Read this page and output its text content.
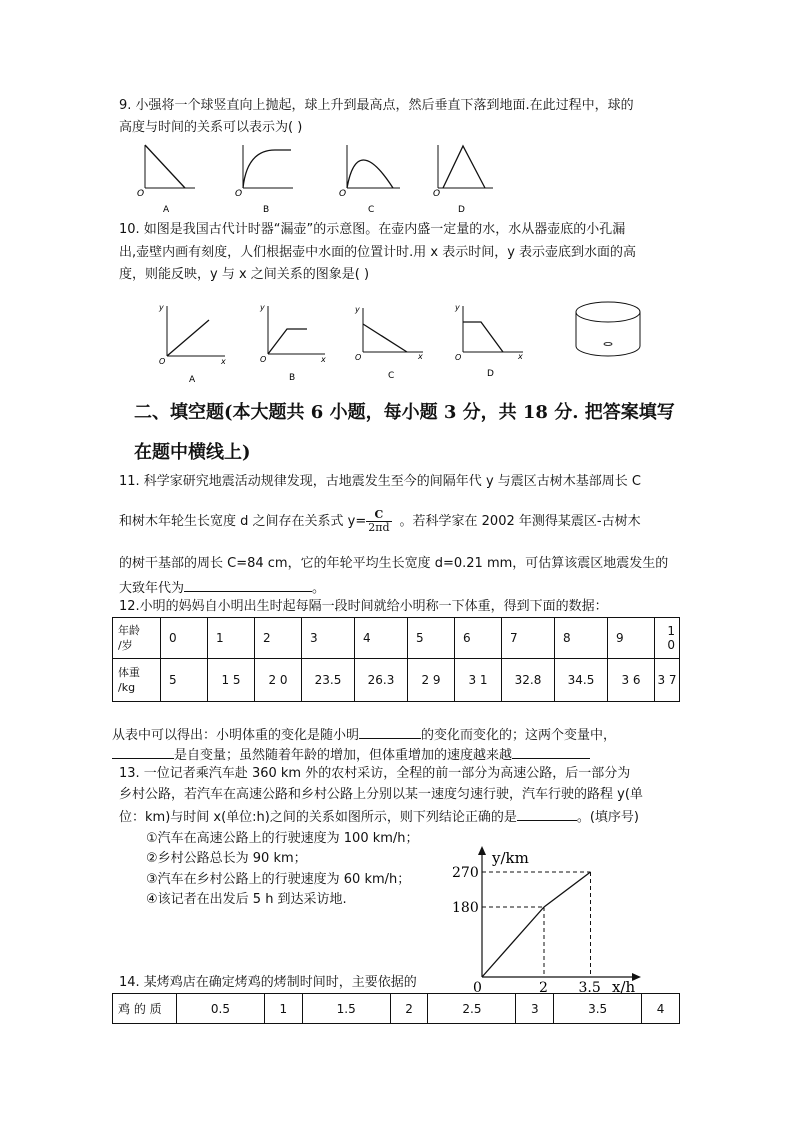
9. 小强将一个球竖直向上抛起，球上升到最高点，然后垂直下落到地面.在此过程中，球的
高度与时间的关系可以表示为( )
O
A
O
B
O
C
O
D
10. 如图是我国古代计时器“漏壶”的示意图。在壶内盛一定量的水，水从器壶底的小孔漏
出,壶壁内画有刻度，人们根据壶中水面的位置计时.用 x 表示时间，y 表示壶底到水面的高
度，则能反映，y 与 x 之间关系的图象是( )
y
x
O
A
y
x
O
B
y
x
O
C
y
x
O
D
二、填空题(本大题共 6 小题，每小题 3 分，共 18 分. 把答案填写
在题中横线上)
11. 科学家研究地震活动规律发现，古地震发生至今的间隔年代 y 与震区古树木基部周长 C
和树木年轮生长宽度 d 之间存在关系式 $y= \frac{C}{2\pi d}$ 。若科学家在 2002 年测得某震区-古树木
的树干基部的周长 C=84 cm，它的年轮平均生长宽度 d=0.21 mm，可估算该震区地震发生的
大致年代为	。
12.小明的妈妈自小明出生时起每隔一段时间就给小明称一下体重，得到下面的数据：
年龄
/岁	0	1	2	3	4	5	6	7	8	9	1 0
体重
/kg	5	1 5	2 0	23.5	26.3	2 9	3 1	32.8	34.5	3 6	3 7
从表中可以得出：小明体重的变化是随小明	的变化而变化的；这两个变量中，
是自变量；虽然随着年龄的增加，但体重增加的速度越来越
13. 一位记者乘汽车赴 360 km 外的农村采访，全程的前一部分为高速公路，后一部分为
乡村公路，若汽车在高速公路和乡村公路上分别以某一速度匀速行驶，汽车行驶的路程 y(单
位：km)与时间 x(单位:h)之间的关系如图所示，则下列结论正确的是	。(填序号)
①汽车在高速公路上的行驶速度为 100 km/h；
②乡村公路总长为 90 km；
③汽车在乡村公路上的行驶速度为 60 km/h；
④该记者在出发后 5 h 到达采访地.
y/km
x/h
0
180
270
2 3.5
14. 某烤鸡店在确定烤鸡的烤制时间时，主要依据的
鸡 的 质	0.5	1	1.5	2	2.5	3	3.5	4
